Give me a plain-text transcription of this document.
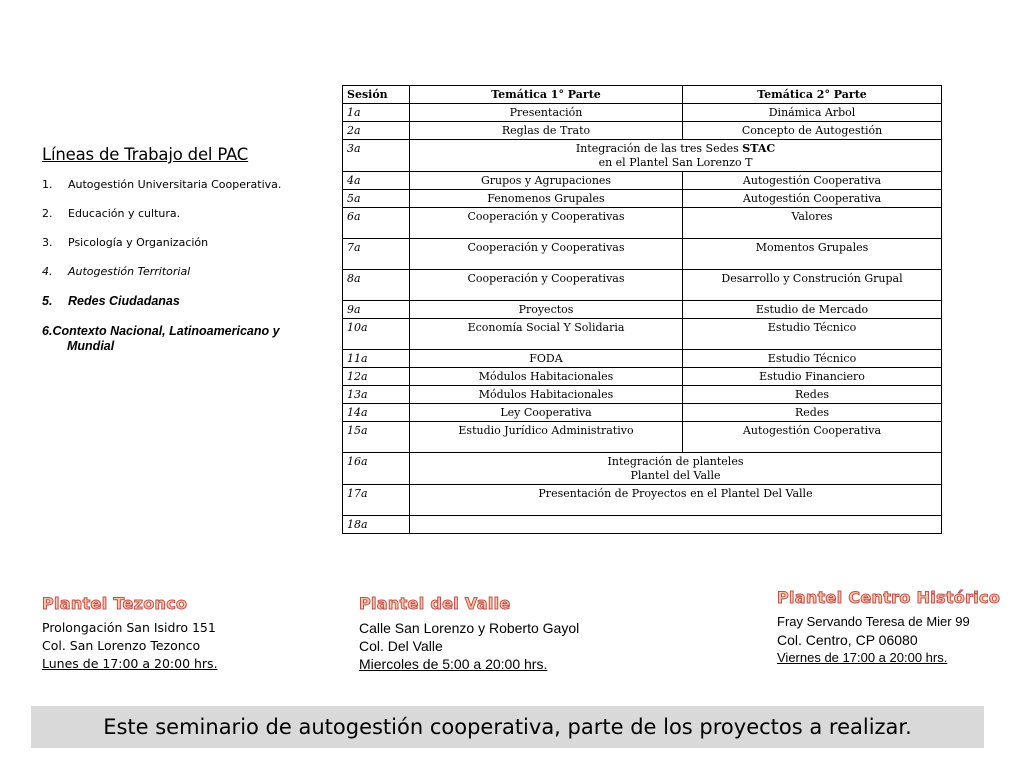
Líneas de Trabajo del PAC
1.	Autogestión Universitaria Cooperativa.
2.	Educación y cultura.
3.	Psicología y Organización
4.	Autogestión Territorial
5.	Redes Ciudadanas
6.Contexto Nacional, Latinoamericano y
Mundial
Sesión	Temática 1° Parte	Temática 2° Parte
1a	Presentación	Dinámica Arbol
2a	Reglas de Trato	Concepto de Autogestión
3a	Integración de las tres Sedes STAC
en el Plantel San Lorenzo T	
4a	Grupos y Agrupaciones	Autogestión Cooperativa
5a	Fenomenos Grupales	Autogestión Cooperativa
6a	Cooperación y Cooperativas	Valores
7a	Cooperación y Cooperativas	Momentos Grupales
8a	Cooperación y Cooperativas	Desarrollo y Construción Grupal
9a	Proyectos	Estudio de Mercado
10a	Economía Social Y Solidaria	Estudio Técnico
11a	FODA	Estudio Técnico
12a	Módulos Habitacionales	Estudio Financiero
13a	Módulos Habitacionales	Redes
14a	Ley Cooperativa	Redes
15a	Estudio Jurídico Administrativo	Autogestión Cooperativa
16a	Integración de planteles
Plantel del Valle	
17a	Presentación de Proyectos en el Plantel Del Valle	
18a		
Plantel Tezonco
Prolongación San Isidro 151
Col. San Lorenzo Tezonco
Lunes de 17:00 a 20:00 hrs.
Plantel del Valle
Calle San Lorenzo y Roberto Gayol
Col. Del Valle
Miercoles de 5:00 a 20:00 hrs.
Plantel Centro Histórico
Fray Servando Teresa de Mier 99
Col. Centro, CP 06080
Viernes de 17:00 a 20:00 hrs.
Este seminario de autogestión cooperativa, parte de los proyectos a realizar.
